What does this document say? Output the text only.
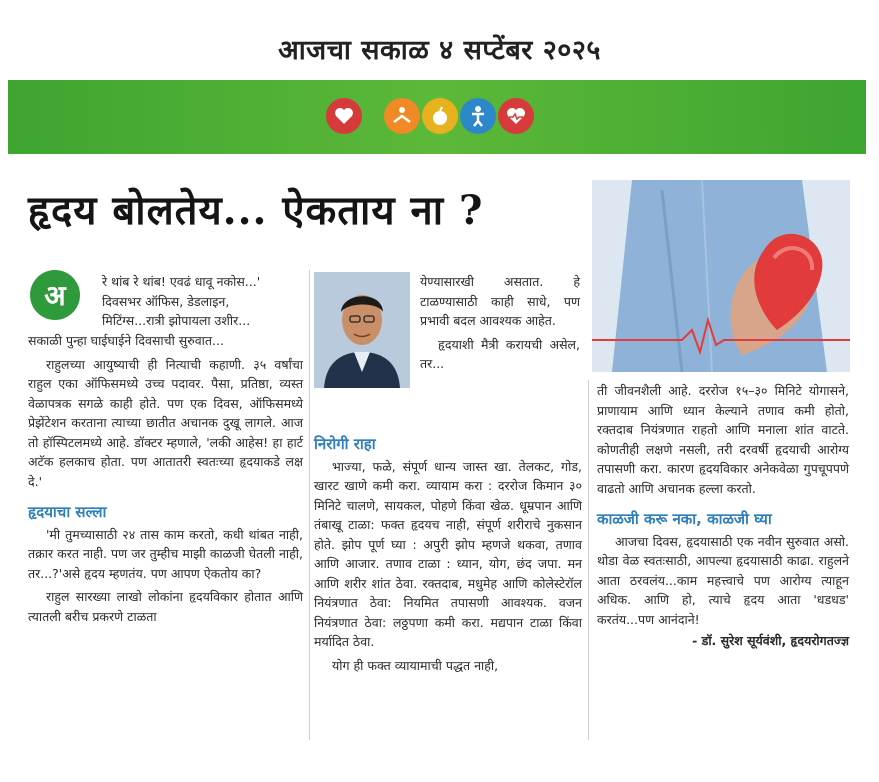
आजचा सकाळ ४ सप्टेंबर २०२५
हृदय बोलतेय... ऐकताय ना ?
अ	रे थांब रे थांब! एवढं धावू नकोस...'
दिवसभर ऑफिस, डेडलाइन,
मिटिंग्स...रात्री झोपायला उशीर...
सकाळी पुन्हा घाईघाईने दिवसाची सुरुवात...
राहुलच्या आयुष्याची ही नित्याची कहाणी. ३५ वर्षांचा राहुल एका ऑफिसमध्ये उच्च पदावर. पैसा, प्रतिष्ठा, व्यस्त वेळापत्रक सगळे काही होते. पण एक दिवस, ऑफिसमध्ये प्रेझेंटेशन करताना त्याच्या छातीत अचानक दुखू लागले. आज तो हॉस्पिटलमध्ये आहे. डॉक्टर म्हणाले, 'लकी आहेस! हा हार्ट अटॅक हलकाच होता. पण आतातरी स्वतःच्या हृदयाकडे लक्ष दे.'
हृदयाचा सल्ला
'मी तुमच्यासाठी २४ तास काम करतो, कधी थांबत नाही, तक्रार करत नाही. पण जर तुम्हीच माझी काळजी घेतली नाही, तर...?'असे हृदय म्हणतंय. पण आपण ऐकतोय का?
राहुल सारख्या लाखो लोकांना हृदयविकार होतात आणि त्यातली बरीच प्रकरणे टाळता
येण्यासारखी असतात. हे टाळण्यासाठी काही साधे, पण प्रभावी बदल आवश्यक आहेत.
हृदयाशी मैत्री करायची असेल, तर...
निरोगी राहा
भाज्या, फळे, संपूर्ण धान्य जास्त खा. तेलकट, गोड, खारट खाणे कमी करा. व्यायाम करा : दररोज किमान ३० मिनिटे चालणे, सायकल, पोहणे किंवा खेळ. धूम्रपान आणि तंबाखू टाळा: फक्त हृदयच नाही, संपूर्ण शरीराचे नुकसान होते. झोप पूर्ण घ्या : अपुरी झोप म्हणजे थकवा, तणाव आणि आजार. तणाव टाळा : ध्यान, योग, छंद जपा. मन आणि शरीर शांत ठेवा. रक्तदाब, मधुमेह आणि कोलेस्टेरॉल नियंत्रणात ठेवा: नियमित तपासणी आवश्यक. वजन नियंत्रणात ठेवा: लठ्ठपणा कमी करा. मद्यपान टाळा किंवा मर्यादित ठेवा.
योग ही फक्त व्यायामाची पद्धत नाही,
ती जीवनशैली आहे. दररोज १५–३० मिनिटे योगासने, प्राणायाम आणि ध्यान केल्याने तणाव कमी होतो, रक्तदाब नियंत्रणात राहतो आणि मनाला शांत वाटते. कोणतीही लक्षणे नसली, तरी दरवर्षी हृदयाची आरोग्य तपासणी करा. कारण हृदयविकार अनेकवेळा गुपचूपपणे वाढतो आणि अचानक हल्ला करतो.
काळजी करू नका, काळजी घ्या
आजचा दिवस, हृदयासाठी एक नवीन सुरुवात असो. थोडा वेळ स्वतःसाठी, आपल्या हृदयासाठी काढा. राहुलने आता ठरवलंय...काम महत्त्वाचे पण आरोग्य त्याहून अधिक. आणि हो, त्याचे हृदय आता 'धडधड' करतंय...पण आनंदाने!
- डॉ. सुरेश सूर्यवंशी, हृदयरोगतज्ज्ञ
